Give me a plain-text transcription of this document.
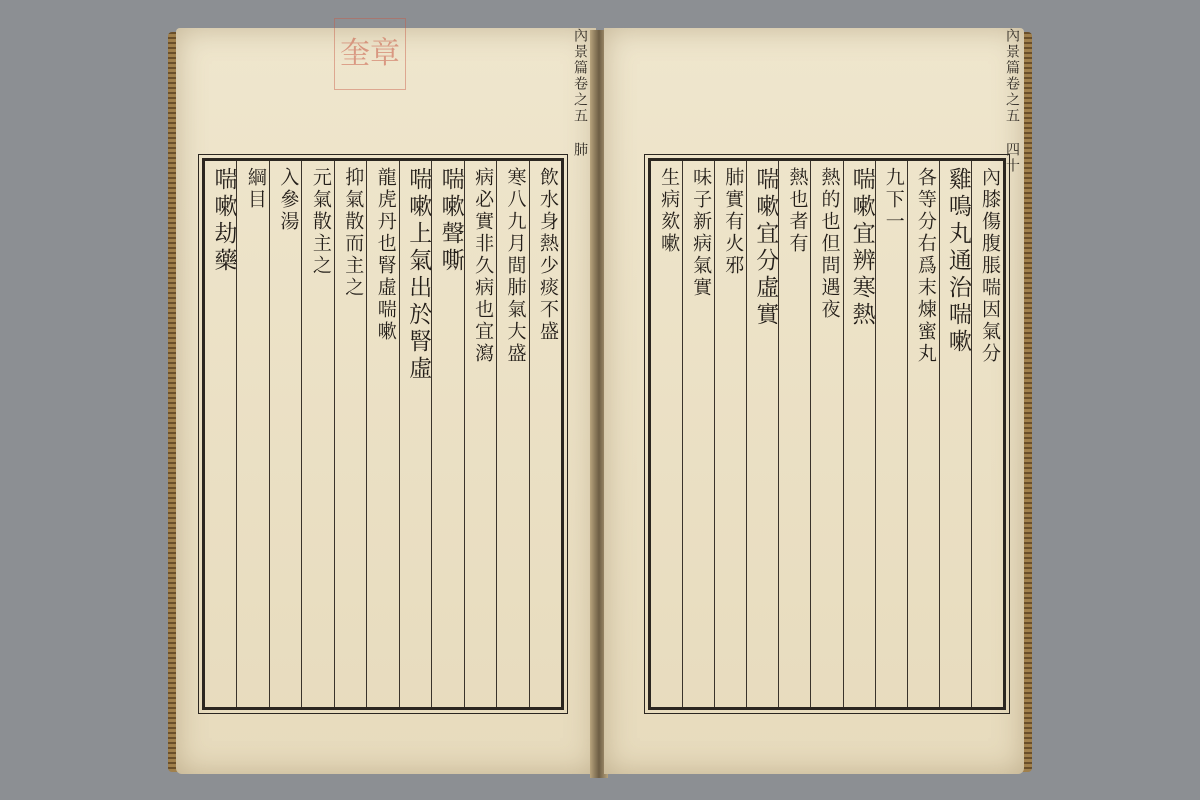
飲水身熱少痰不盛
寒八九月間肺氣大盛
病必實非久病也宜瀉
喘嗽聲嘶
喘嗽上氣出於腎虛
龍虎丹也腎虛喘嗽
抑氣散而主之
元氣散主之
入參湯
綱目
喘嗽劫藥
內景篇卷之五 肺
內膝傷腹脹喘因氣分
雞鳴丸通治喘嗽
各等分右爲末煉蜜丸
九下一
喘嗽宜辨寒熱
熱的也但問遇夜
熱也者有
喘嗽宜分虛實
肺實有火邪
味子新病氣實
生病欬嗽
內景篇卷之五 四十
奎章
